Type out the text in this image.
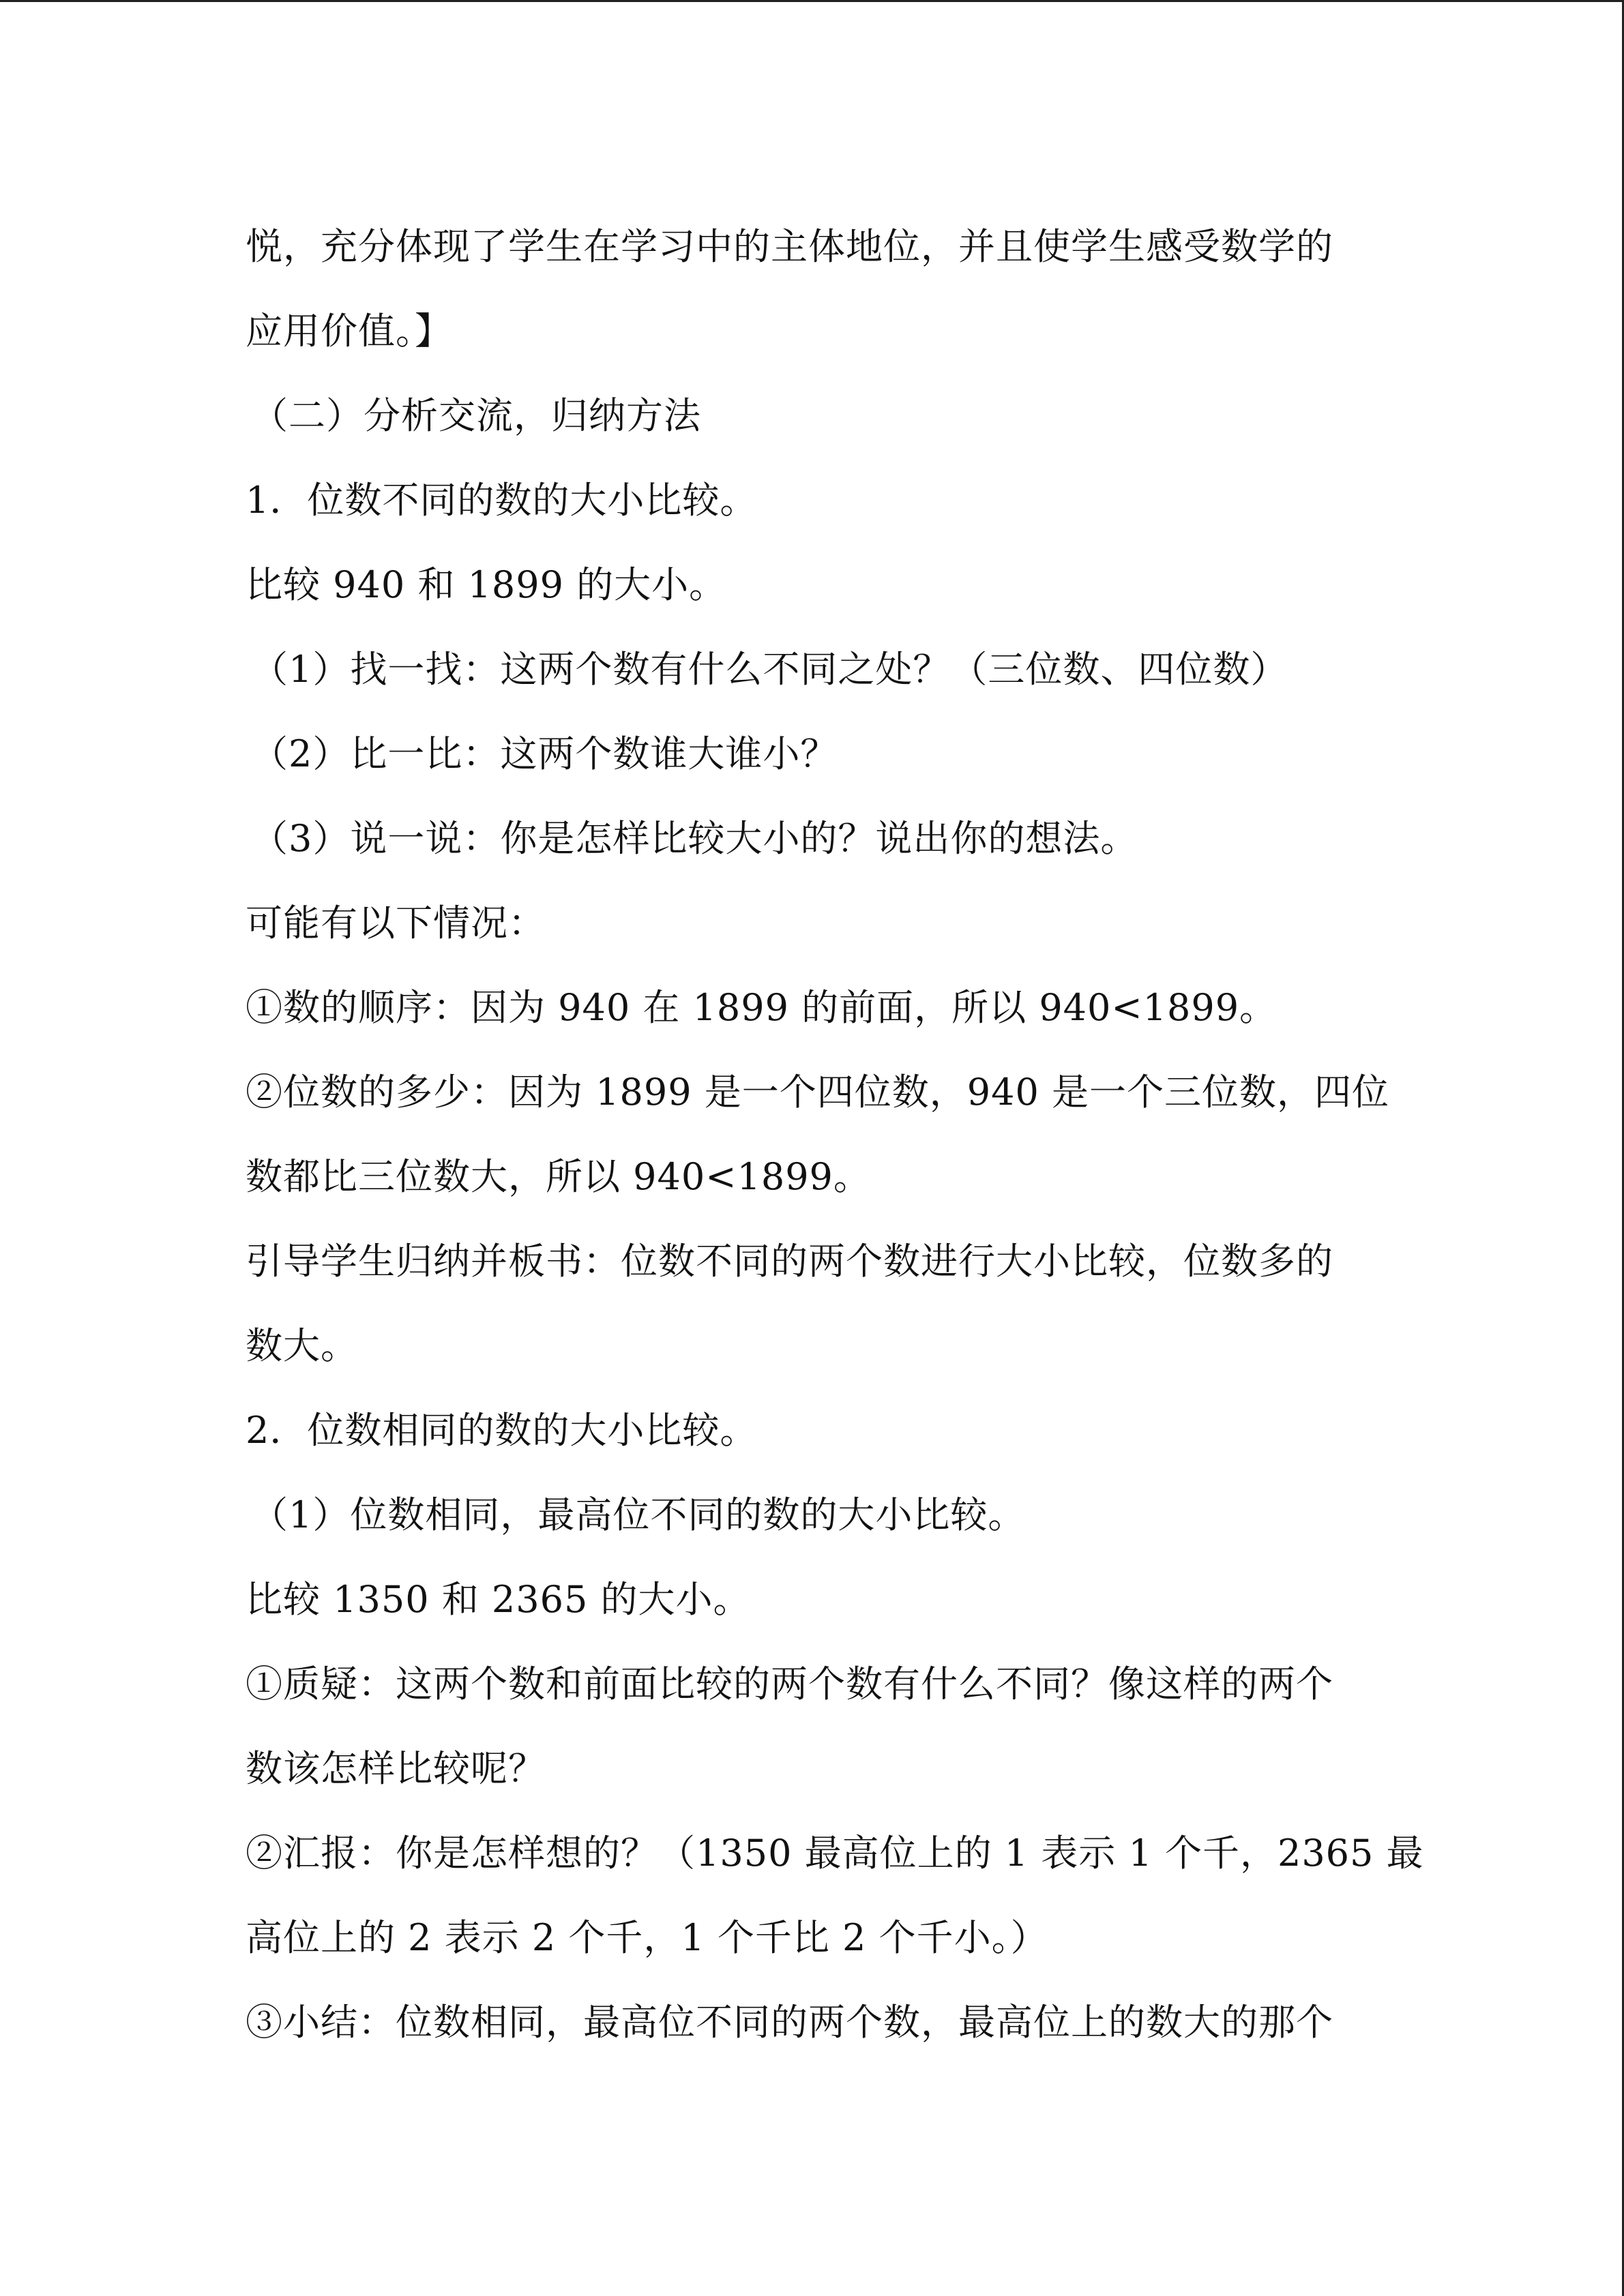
悦，充分体现了学生在学习中的主体地位，并且使学生感受数学的
应用价值。】
（二）分析交流，归纳方法
1．位数不同的数的大小比较。
比较 940 和 1899 的大小。
（1）找一找：这两个数有什么不同之处？（三位数、四位数）
（2）比一比：这两个数谁大谁小？
（3）说一说：你是怎样比较大小的？说出你的想法。
可能有以下情况：
①数的顺序：因为 940 在 1899 的前面，所以 940<1899。
②位数的多少：因为 1899 是一个四位数，940 是一个三位数，四位
数都比三位数大，所以 940<1899。
引导学生归纳并板书：位数不同的两个数进行大小比较，位数多的
数大。
2．位数相同的数的大小比较。
（1）位数相同，最高位不同的数的大小比较。
比较 1350 和 2365 的大小。
①质疑：这两个数和前面比较的两个数有什么不同？像这样的两个
数该怎样比较呢？
②汇报：你是怎样想的？（1350 最高位上的 1 表示 1 个千，2365 最
高位上的 2 表示 2 个千，1 个千比 2 个千小。）
③小结：位数相同，最高位不同的两个数，最高位上的数大的那个
